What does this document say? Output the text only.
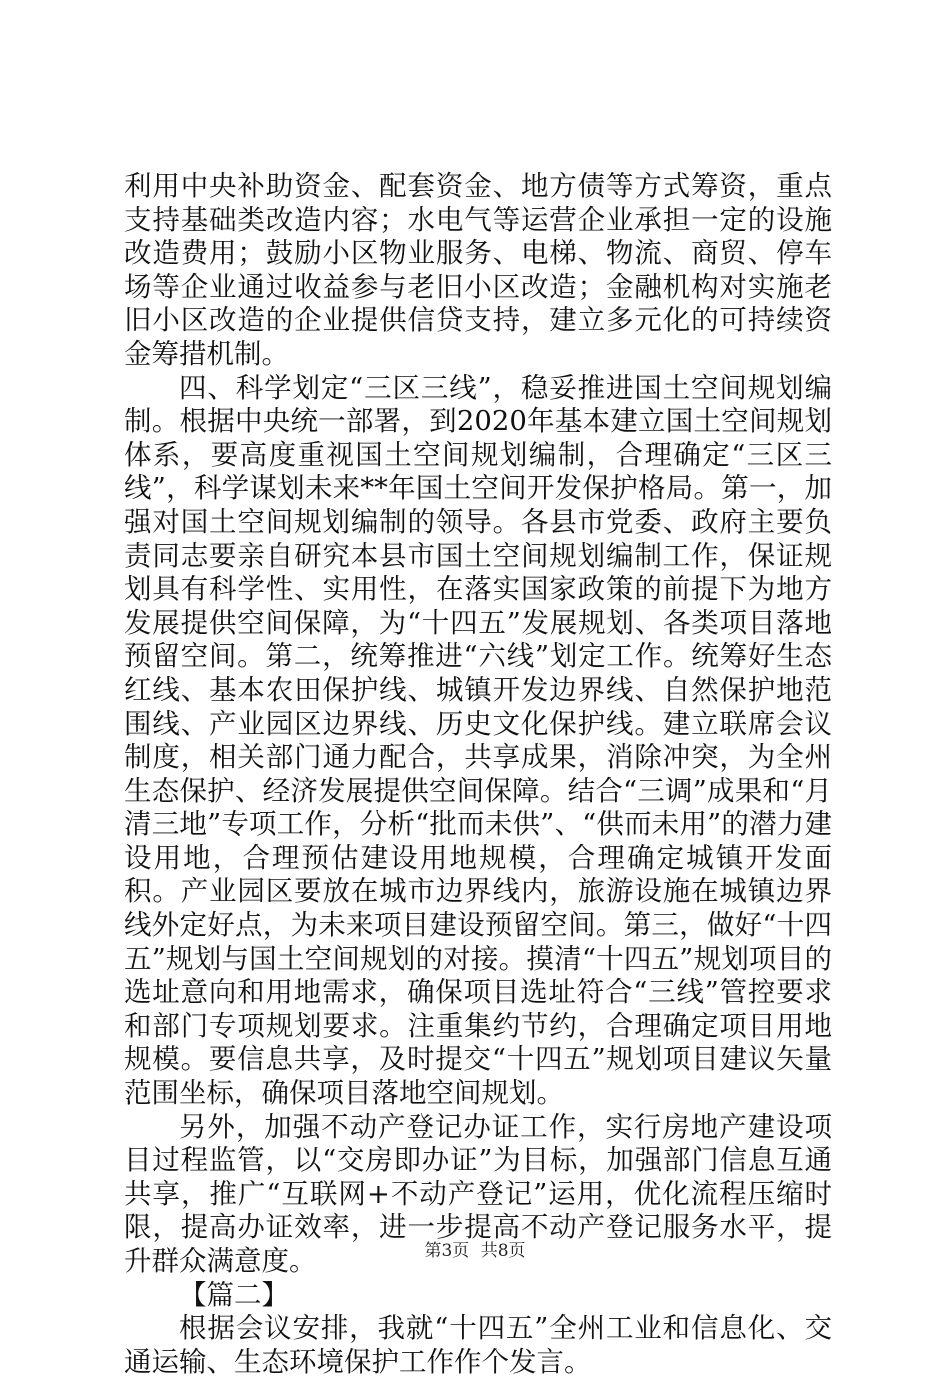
利用中央补助资金、配套资金、地方债等方式筹资，重点支持基础类改造内容；水电气等运营企业承担一定的设施改造费用；鼓励小区物业服务、电梯、物流、商贸、停车场等企业通过收益参与老旧小区改造；金融机构对实施老旧小区改造的企业提供信贷支持，建立多元化的可持续资金筹措机制。

四、科学划定“三区三线”，稳妥推进国土空间规划编制。根据中央统一部署，到2020年基本建立国土空间规划体系，要高度重视国土空间规划编制，合理确定“三区三线”，科学谋划未来**年国土空间开发保护格局。第一，加强对国土空间规划编制的领导。各县市党委、政府主要负责同志要亲自研究本县市国土空间规划编制工作，保证规划具有科学性、实用性，在落实国家政策的前提下为地方发展提供空间保障，为“十四五”发展规划、各类项目落地预留空间。第二，统筹推进“六线”划定工作。统筹好生态红线、基本农田保护线、城镇开发边界线、自然保护地范围线、产业园区边界线、历史文化保护线。建立联席会议制度，相关部门通力配合，共享成果，消除冲突，为全州生态保护、经济发展提供空间保障。结合“三调”成果和“月清三地”专项工作，分析“批而未供”、“供而未用”的潜力建设用地，合理预估建设用地规模，合理确定城镇开发面积。产业园区要放在城市边界线内，旅游设施在城镇边界线外定好点，为未来项目建设预留空间。第三，做好“十四五”规划与国土空间规划的对接。摸清“十四五”规划项目的选址意向和用地需求，确保项目选址符合“三线”管控要求和部门专项规划要求。注重集约节约，合理确定项目用地规模。要信息共享，及时提交“十四五”规划项目建议矢量范围坐标，确保项目落地空间规划。

另外，加强不动产登记办证工作，实行房地产建设项目过程监管，以“交房即办证”为目标，加强部门信息互通共享，推广“互联网+不动产登记”运用，优化流程压缩时限，提高办证效率，进一步提高不动产登记服务水平，提升群众满意度。

【篇二】

根据会议安排，我就“十四五”全州工业和信息化、交通运输、生态环境保护工作作个发言。

第3页 共8页
